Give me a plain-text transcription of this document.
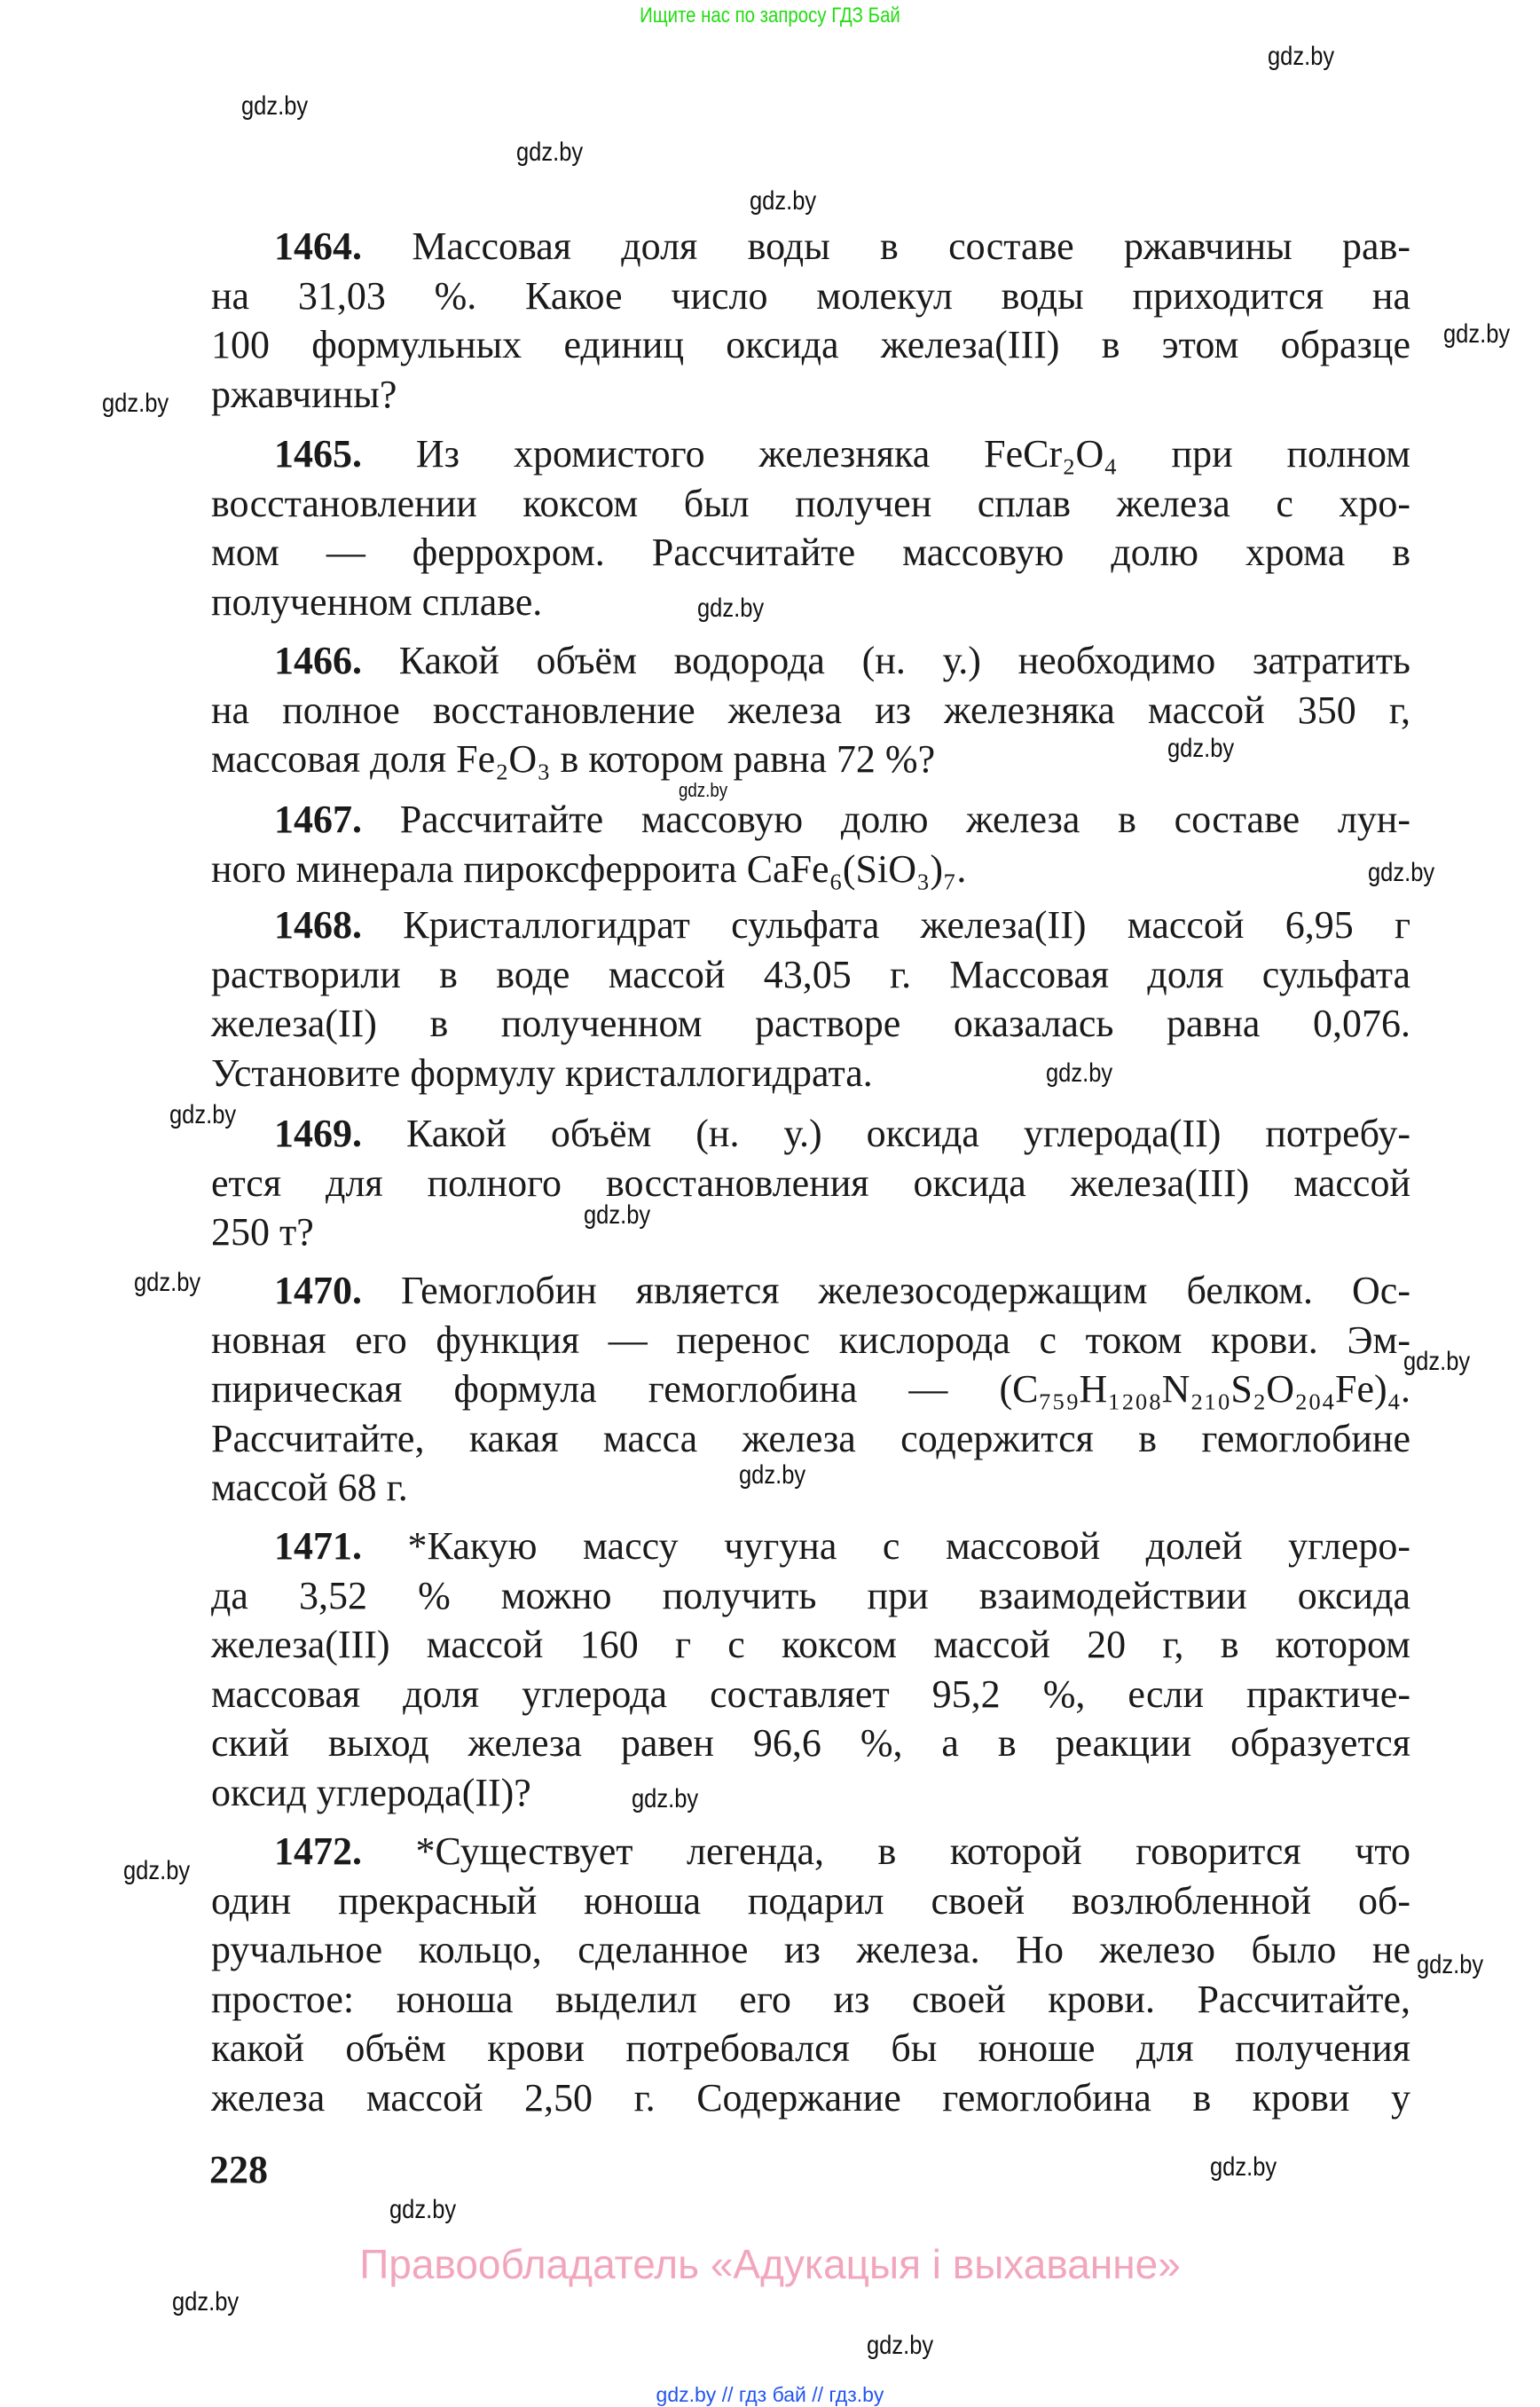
Ищите нас по запросу ГДЗ Бай
1464. Массовая доля воды в составе ржавчины рав-
на 31,03 %. Какое число молекул воды приходится на
100 формульных единиц оксида железа(III) в этом образце
ржавчины?
1465. Из хромистого железняка FeCr₂O₄ при полном
восстановлении коксом был получен сплав железа с хро-
мом — феррохром. Рассчитайте массовую долю хрома в
полученном сплаве.
1466. Какой объём водорода (н. у.) необходимо затратить
на полное восстановление железа из железняка массой 350 г,
массовая доля Fe₂O₃ в котором равна 72 %?
1467. Рассчитайте массовую долю железа в составе лун-
ного минерала пироксферроита CaFe₆(SiO₃)₇.
1468. Кристаллогидрат сульфата железа(II) массой 6,95 г
растворили в воде массой 43,05 г. Массовая доля сульфата
железа(II) в полученном растворе оказалась равна 0,076.
Установите формулу кристаллогидрата.
1469. Какой объём (н. у.) оксида углерода(II) потребу-
ется для полного восстановления оксида железа(III) массой
250 т?
1470. Гемоглобин является железосодержащим белком. Ос-
новная его функция — перенос кислорода с током крови. Эм-
пирическая формула гемоглобина — (C₇₅₉H₁₂₀₈N₂₁₀S₂O₂₀₄Fe)₄.
Рассчитайте, какая масса железа содержится в гемоглобине
массой 68 г.
1471. *Какую массу чугуна с массовой долей углеро-
да 3,52 % можно получить при взаимодействии оксида
железа(III) массой 160 г с коксом массой 20 г, в котором
массовая доля углерода составляет 95,2 %, если практиче-
ский выход железа равен 96,6 %, а в реакции образуется
оксид углерода(II)?
1472. *Существует легенда, в которой говорится что
один прекрасный юноша подарил своей возлюбленной об-
ручальное кольцо, сделанное из железа. Но железо было не
простое: юноша выделил его из своей крови. Рассчитайте,
какой объём крови потребовался бы юноше для получения
железа массой 2,50 г. Содержание гемоглобина в крови у
228
Правообладатель «Адукацыя і выхаванне»
gdz.by // гдз бай // гдз.by
gdz.by
gdz.by
gdz.by
gdz.by
gdz.by
gdz.by
gdz.by
gdz.by
gdz.by
gdz.by
gdz.by
gdz.by
gdz.by
gdz.by
gdz.by
gdz.by
gdz.by
gdz.by
gdz.by
gdz.by
gdz.by
gdz.by
gdz.by
